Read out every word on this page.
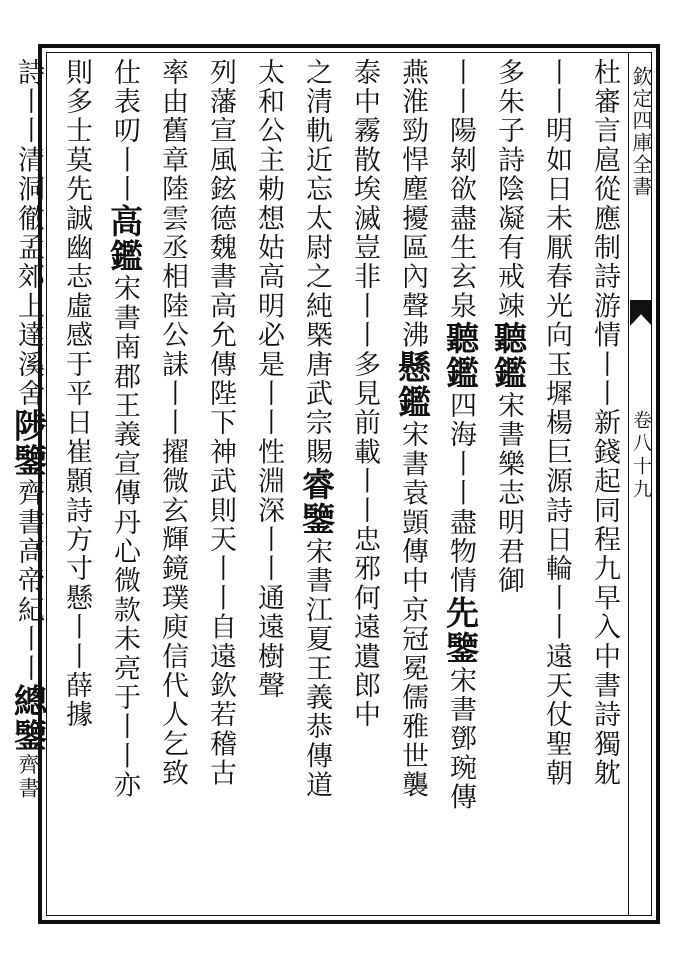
欽定四庫全書
卷八十九
杜審言扈從應制詩游情丨丨新錢起同程九早入中書詩獨躭
丨丨明如日未厭春光向玉墀楊巨源詩日輪丨丨遠天仗聖朝
多朱子詩陰凝有戒竦聽鑑宋書樂志明君御
丨丨陽剝欲盡生玄泉聽鑑四海丨丨盡物情先鑒宋書鄧琬傳
燕淮勁悍塵擾區內聲沸懸鑑宋書袁顗傳中京冠冕儒雅世襲
泰中霧散埃滅豈非丨丨多見前載丨丨忠邪何遠遺郎中
之清軌近忘太尉之純槩唐武宗賜睿鑒宋書江夏王義恭傳道
太和公主勅想姑高明必是丨丨性淵深丨丨通遠樹聲
列藩宣風鉉德魏書高允傳陛下神武則天丨丨自遠欽若稽古
率由舊章陸雲丞相陸公誄丨丨擢微玄輝鏡璞庾信代人乞致
仕表叨丨丨高鑑宋書南郡王義宣傳丹心微款未亮于丨丨亦
則多士莫先誠幽志虛感于平日崔顥詩方寸懸丨丨薛據
詩丨丨清洞徹孟郊上達溪舍陟鑒齊書高帝紀丨丨總鑒齊書
